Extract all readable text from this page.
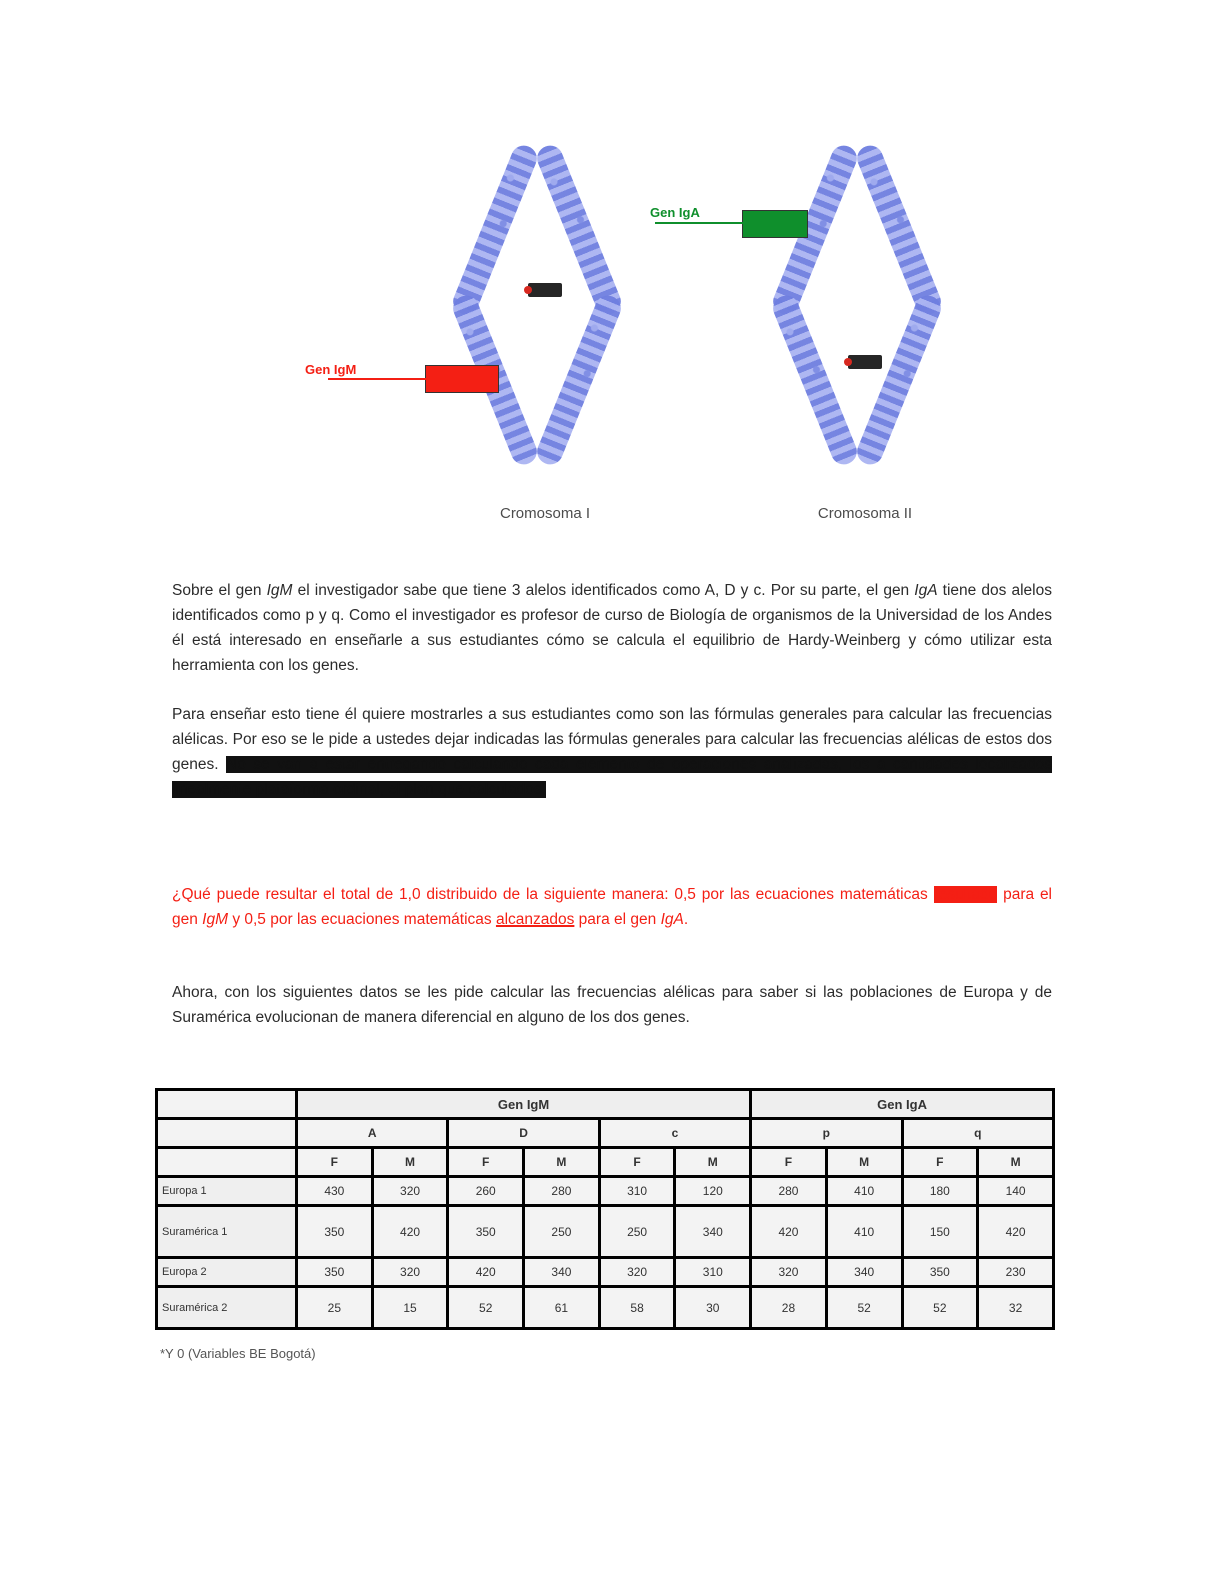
Gen IgM
Cromosoma I
Gen IgA
Cromosoma II
Sobre el gen IgM el investigador sabe que tiene 3 alelos identificados como A, D y c. Por su parte, el gen IgA tiene dos alelos identificados como p y q. Como el investigador es profesor de curso de Biología de organismos de la Universidad de los Andes él está interesado en enseñarle a sus estudiantes cómo se calcula el equilibrio de Hardy-Weinberg y cómo utilizar esta herramienta con los genes.
Para enseñar esto tiene él quiere mostrarles a sus estudiantes como son las fórmulas generales para calcular las frecuencias alélicas. Por eso se le pide a ustedes dejar indicadas las fórmulas generales para calcular las frecuencias alélicas de estos dos genes. No se van a estar entregando calculando cada elemento de operaciones analizadas, los a cantidades localizados linealmente plataforma ordinal, el plan que calculados.
¿Qué puede resultar el total de 1,0 distribuido de la siguiente manera: 0,5 por las ecuaciones matemáticas resultado para el gen IgM y 0,5 por las ecuaciones matemáticas alcanzados para el gen IgA.
Ahora, con los siguientes datos se les pide calcular las frecuencias alélicas para saber si las poblaciones de Europa y de Suramérica evolucionan de manera diferencial en alguno de los dos genes.
	Gen IgM						Gen IgA			
	A		D		c		p		q	
	F	M	F	M	F	M	F	M	F	M
Europa 1	430	320	260	280	310	120	280	410	180	140
Suramérica 1	350	420	350	250	250	340	420	410	150	420
Europa 2	350	320	420	340	320	310	320	340	350	230
Suramérica 2	25	15	52	61	58	30	28	52	52	32
*Y 0 (Variables BE Bogotá)
